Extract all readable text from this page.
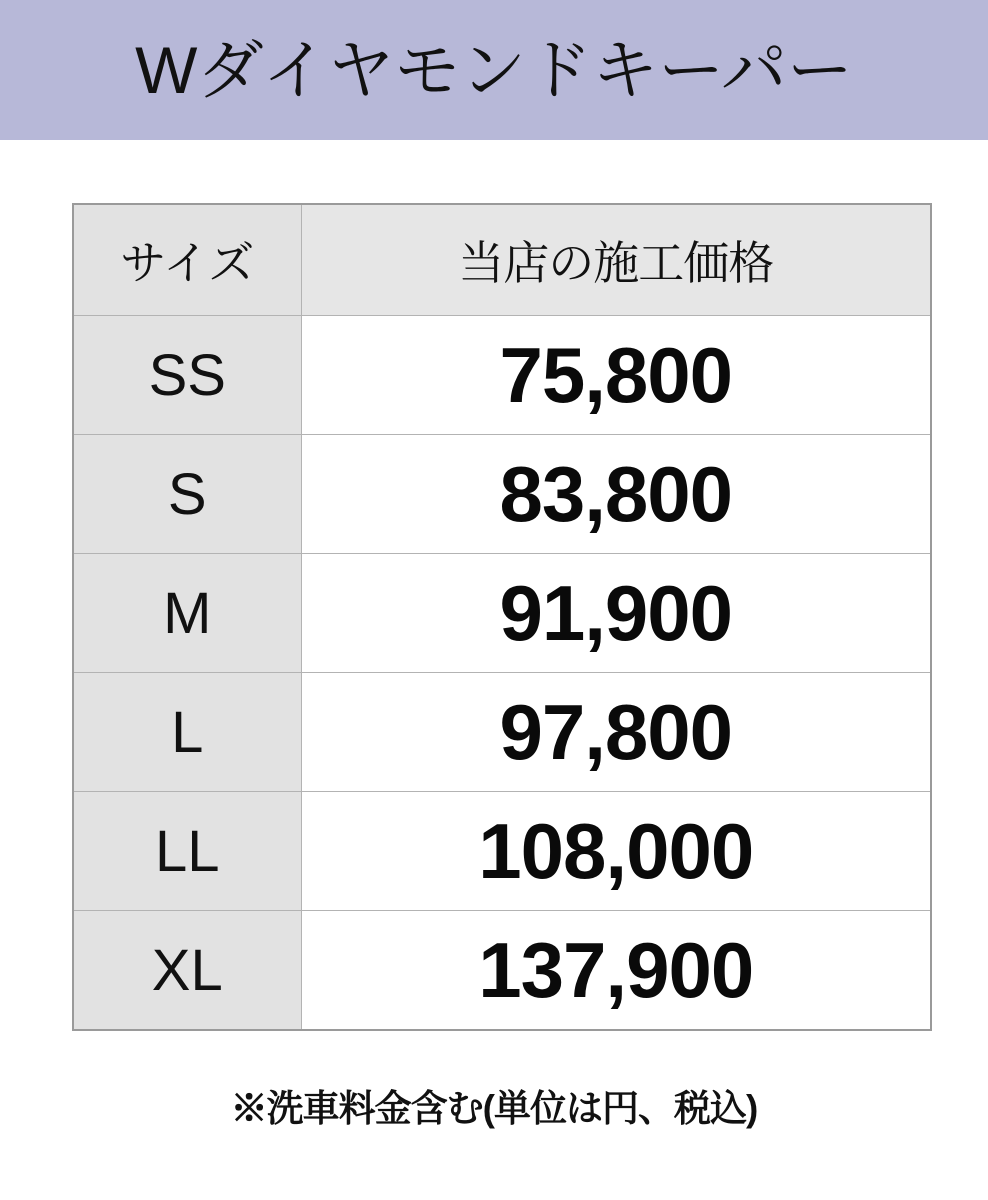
Wダイヤモンドキーパー
サイズ	当店の施工価格
SS	75,800
S	83,800
M	91,900
L	97,800
LL	108,000
XL	137,900
※洗車料金含む(単位は円、税込)
